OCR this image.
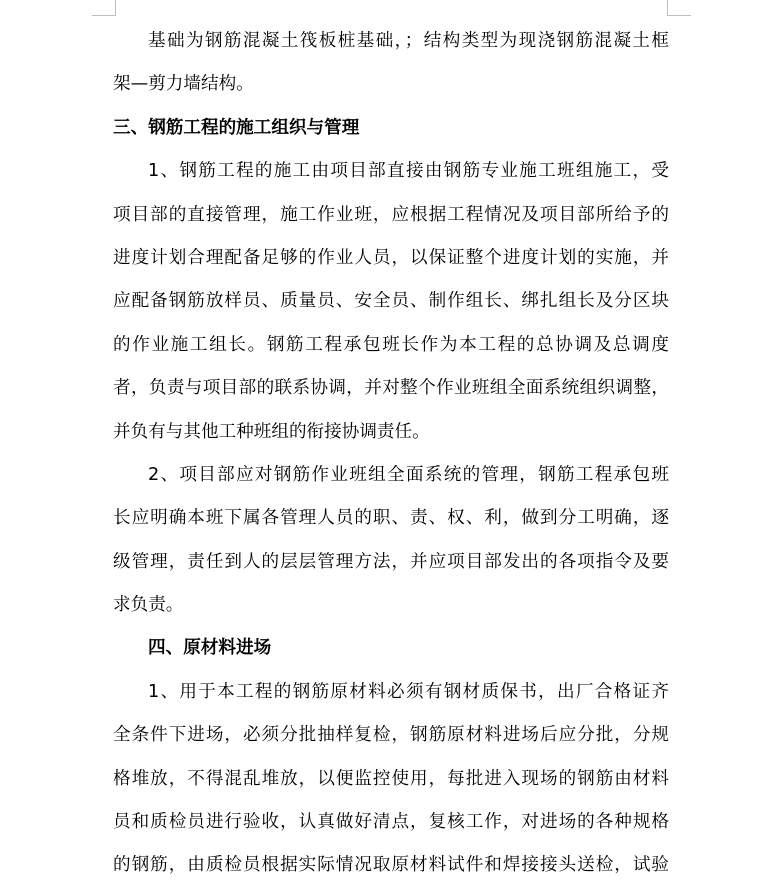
基础为钢筋混凝土筏板桩基础，；结构类型为现浇钢筋混凝土框
架—剪力墙结构。
三、钢筋工程的施工组织与管理
1、钢筋工程的施工由项目部直接由钢筋专业施工班组施工，受
项目部的直接管理，施工作业班，应根据工程情况及项目部所给予的
进度计划合理配备足够的作业人员，以保证整个进度计划的实施，并
应配备钢筋放样员、质量员、安全员、制作组长、绑扎组长及分区块
的作业施工组长。钢筋工程承包班长作为本工程的总协调及总调度
者，负责与项目部的联系协调，并对整个作业班组全面系统组织调整，
并负有与其他工种班组的衔接协调责任。
2、项目部应对钢筋作业班组全面系统的管理，钢筋工程承包班
长应明确本班下属各管理人员的职、责、权、利，做到分工明确，逐
级管理，责任到人的层层管理方法，并应项目部发出的各项指令及要
求负责。
四、原材料进场
1、用于本工程的钢筋原材料必须有钢材质保书，出厂合格证齐
全条件下进场，必须分批抽样复检，钢筋原材料进场后应分批，分规
格堆放，不得混乱堆放，以便监控使用，每批进入现场的钢筋由材料
员和质检员进行验收，认真做好清点，复核工作，对进场的各种规格
的钢筋，由质检员根据实际情况取原材料试件和焊接接头送检，试验
